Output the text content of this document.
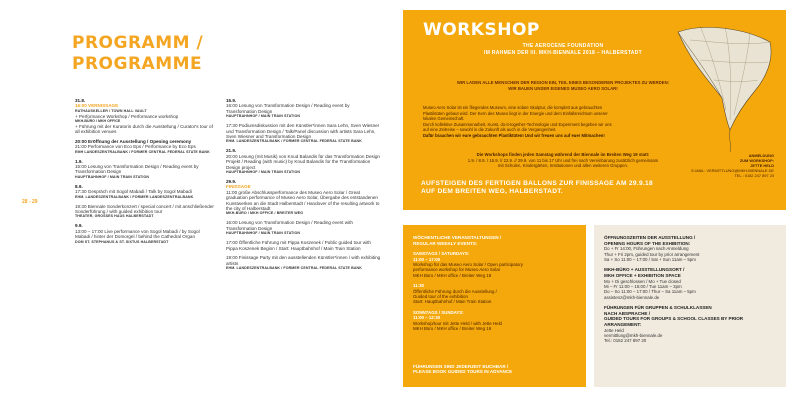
PROGRAMM /
PROGRAMME
28 - 29
31.8.
16:00 VERNISSAGE
RATHAUSKELLER / TOWN HALL VAULT
+ Performance Workshop / Performance workshop
MKH-BÜRO / MKH OFFICE
+ Führung mit der Kuratorin durch die Ausstellung / Curator's tour of all exhibition venues
20:00 Eröffnung der Ausstellung / Opening ceremony
21:00 Performance von Eco Eps / Performance by Eco Eps
EMH LANDESZENTRALBANK / FORMER CENTRAL FEDERAL STATE BANK
1.9.
15:00 Lesung von Transformation Design / Reading event by Transformation Design
HAUPTBAHNHOF / MAIN TRAIN STATION
8.9.
17:30 Gespräch mit Sogol Mabadi / Talk by Sogol Mabadi
EHM. LANDESZENTRALBANK / FORMER LANDESZENTRALBANK
19:30 Biennale Sonderkonzert / special concert / mit anschließender Sonderführung / with guided exhibition tour
THEATER, GROSSES HAUS HALBERSTADT
9.9.
13:00 – 17:00 Live performance von Sogol Mabadi / by Sogol Mabadi / hinter der Domorgel / behind the Cathedral Organ
DOM ST. STEPHANUS & ST. SIXTUS HALBERSTADT
15.9.
16:00 Lesung von Transformation Design / Reading event by Transformation Design
HAUPTBAHNHOF / MAIN TRAIN STATION
17:30 Podiumsdiskussion mit den Künstler*innen Sara Lehn, Sven Wiesner und Transformation Design / Talk/Panel discussion with artists Sara Lehn, Sven Wiesner and Transformation Design
EHM. LANDESZENTRALBANK / FORMER CENTRAL FEDERAL STATE BANK
21.9.
20:00 Lesung (mit Musik) von Knud Balandis für das Transformation Design Projekt / Reading (with music) by Knud Balandis for the Transformation Design project
HAUPTBAHNHOF / MAIN TRAIN STATION
29.9.
FINISSAGE
11:00 große Abschlussperformance des Museo Aero Solar / Great graduation performance of Museo Aero Solar, Übergabe des entstandenen Kunstwerkes an die Stadt Halberstadt / Handover of the resulting artwork to the city of Halberstadt
MKH-BÜRO / MKH OFFICE / BREITER WEG
16:00 Lesung von Transformation Design / Reading event with Transformation Design
HAUPTBAHNHOF / MAIN TRAIN STATION
17:00 Öffentliche Führung mit Pippa Koszenek / Public guided tour with Pippa Koszenek Beginn / Start: Hauptbahnhof / Main Train Station
19:00 Finissage Party mit den ausstellenden Künstler*innen / with exhibiting artists
EHM. LANDESZENTRALBANK / FORMER CENTRAL FEDERAL STATE BANK
WORKSHOP
THE AEROCENE FOUNDATION
IM RAHMEN DER III. MKH-BIENNALE 2018 – HALBERSTADT
WIR LADEN ALLE MENSCHEN DER REGION EIN, TEIL EINES BESONDEREN PROJEKTES ZU WERDEN:
WIR BAUEN UNSER EIGENES MUSEO AERO SOLAR!
Museo Aero Solar ist ein fliegendes Museum, eine solare Skulptur, die komplett aus gebrauchten
Plastiktüten gebaut wird. Der Kern des Museo liegt in der Energie und dem Einfallsreichtum unserer
lokalen Gemeinschaft.
Durch kollektive Zusammenarbeit, Kunst, do-it-together-Technologie und Experiment begeben wir uns
auf eine Zeitreise – sowohl in die Zukunft als auch in die Vergangenheit.
Dafür brauchen wir eure gebrauchten Plastiktüten! Und wir freuen uns auf euer Mitmachen!
Die Workshops finden jeden Samstag während der Biennale im Breiten Weg 19 statt:
1.9. / 8.9. / 15.9. // 22.9. // 29.9. von 11 bis 17 Uhr und frei nach Vereinbarung zusätzlich gemeinsam
mit Schulen, Kindergärten, Institutionen und allen weiteren Gruppen.
AUFSTEIGEN DES FERTIGEN BALLONS ZUR FINISSAGE AM 29.9.18
AUF DEM BREITEN WEG, HALBERSTADT.
ANMELDUNG
ZUM WORKSHOP:
JETTE HELD
E-MAIL: VERMITTLUNG@MKH-BIENNALE.DE
TEL.: 0152 247 897 20
WÖCHENTLICHE VERANSTALTUNGEN /
REGULAR WEEKLY EVENTS:
SAMSTAGS / SATURDAYS:
11:00 – 17:00
Workshop für das Museo Aero Solar / Open participatory
performance workshop for Museo Aero Solar
MKH Büro / MKH office / Breiter Weg 19
11:30
Öffentliche Führung durch die Ausstellung /
Guided tour of the exhibition
Start: Hauptbahnhof / Main Train Station
SONNTAGS / SUNDAYS:
11:00 – 12:30
Workshop/tour mit Jette Held / with Jette Held
MKH Büro / MKH office / Breiter Weg 19
FÜHRUNGEN SIND JEDERZEIT BUCHBAR /
PLEASE BOOK GUIDED TOURS IN ADVANCE
ÖFFNUNGSZEITEN DER AUSSTELLUNG /
OPENING HOURS OF THE EXHIBITION:
Do + Fr 14:00, Führungen nach Anmeldung
Thur + Fri 2pm, guided tour by prior arrangement
Sa + So 11:00 – 17:00 / Sat + Sun 11am – 5pm
MKH-BÜRO + AUSSTELLUNGSORT /
MKH OFFICE + EXHIBITION SPACE
Mo + Di geschlossen / Mo + Tue closed
Mi – Fr 11:00 – 15:00 / Tue 11am – 3pm
Do – So 11:00 – 17:00 / Thur – Sa 11am – 5pm
assistenz@mkh-biennale.de
FÜHRUNGEN FÜR GRUPPEN & SCHULKLASSEN
NACH ABSPRACHE /
GUIDED TOURS FOR GROUPS & SCHOOL CLASSES BY PRIOR
ARRANGEMENT:
Jette Held
vermittlung@mkh-biennale.de
Tel.: 0152 247 897 20
